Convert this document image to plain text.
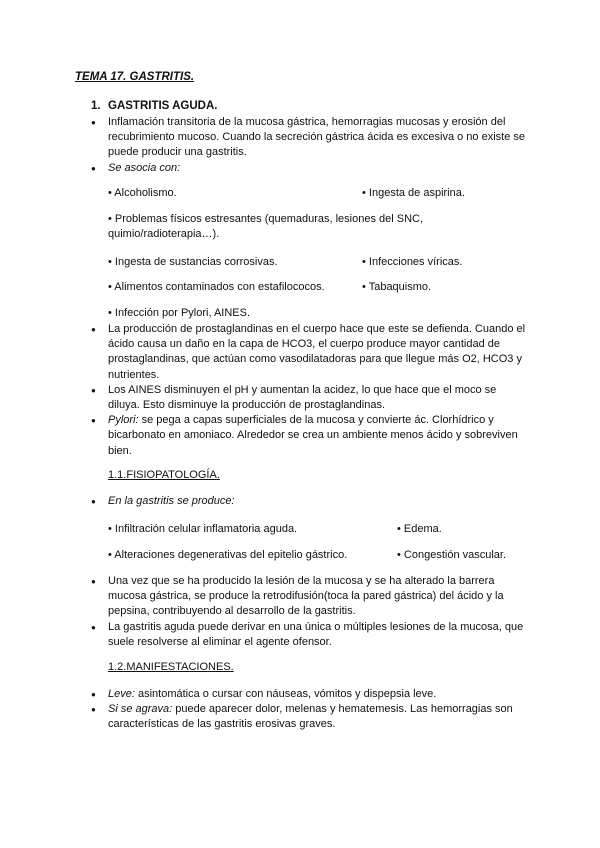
TEMA 17. GASTRITIS.
1. GASTRITIS AGUDA.
● Inflamación transitoria de la mucosa gástrica, hemorragias mucosas y erosión del recubrimiento mucoso. Cuando la secreción gástrica ácida es excesiva o no existe se puede producir una gastritis.
● Se asocia con:
• Alcoholismo.	• Ingesta de aspirina.
• Problemas físicos estresantes (quemaduras, lesiones del SNC, quimio/radioterapia…).
• Ingesta de sustancias corrosivas.	• Infecciones víricas.
• Alimentos contaminados con estafilococos.	• Tabaquismo.
• Infección por Pylori, AINES.
● La producción de prostaglandinas en el cuerpo hace que este se defienda. Cuando el ácido causa un daño en la capa de HCO3, el cuerpo produce mayor cantidad de prostaglandinas, que actúan como vasodilatadoras para que llegue más O2, HCO3 y nutrientes.
● Los AINES disminuyen el pH y aumentan la acidez, lo que hace que el moco se diluya. Esto disminuye la producción de prostaglandinas.
● Pylori: se pega a capas superficiales de la mucosa y convierte ác. Clorhídrico y bicarbonato en amoniaco. Alrededor se crea un ambiente menos ácido y sobreviven bien.
1.1.FISIOPATOLOGÍA.
● En la gastritis se produce:
• Infiltración celular inflamatoria aguda.	• Edema.
• Alteraciones degenerativas del epitelio gástrico.	• Congestión vascular.
● Una vez que se ha producido la lesión de la mucosa y se ha alterado la barrera mucosa gástrica, se produce la retrodifusión(toca la pared gástrica) del ácido y la pepsina, contribuyendo al desarrollo de la gastritis.
● La gastritis aguda puede derivar en una única o múltiples lesiones de la mucosa, que suele resolverse al eliminar el agente ofensor.
1.2.MANIFESTACIONES.
● Leve: asintomática o cursar con náuseas, vómitos y dispepsia leve.
● Si se agrava: puede aparecer dolor, melenas y hematemesis. Las hemorragias son características de las gastritis erosivas graves.
